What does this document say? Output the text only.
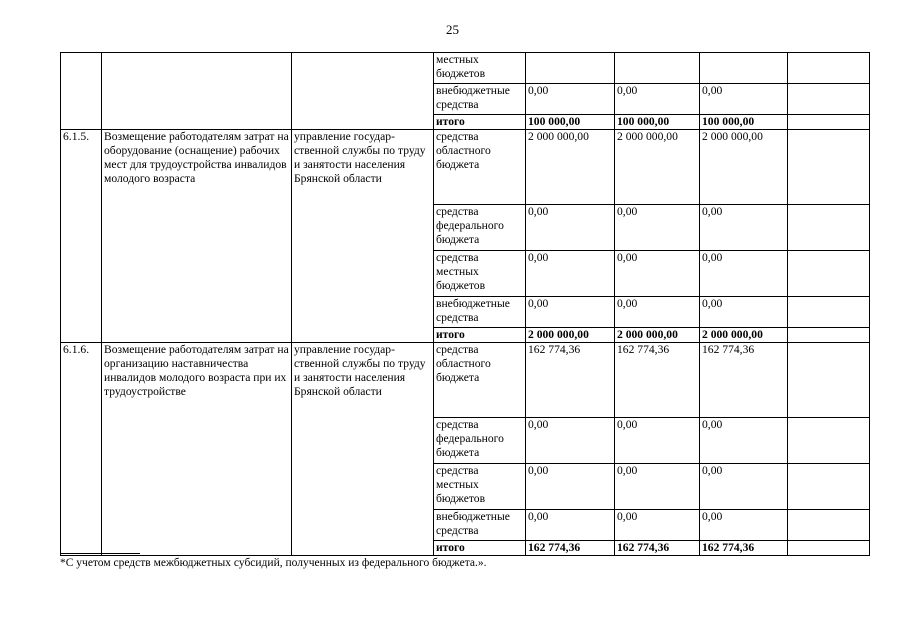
25
			местных бюджетов				
			внебюджетные средства	0,00	0,00	0,00	
			итого	100 000,00	100 000,00	100 000,00	
6.1.5.	Возмещение работодателям затрат на оборудование (оснащение) рабочих мест для трудоустройства инвалидов молодого возраста	управление государ-ственной службы по труду и занятости населения Брянской области	средства областного бюджета	2 000 000,00	2 000 000,00	2 000 000,00	
			средства федерального бюджета	0,00	0,00	0,00	
			средства местных бюджетов	0,00	0,00	0,00	
			внебюджетные средства	0,00	0,00	0,00	
			итого	2 000 000,00	2 000 000,00	2 000 000,00	
6.1.6.	Возмещение работодателям затрат на организацию наставничества инвалидов молодого возраста при их трудоустройстве	управление государ-ственной службы по труду и занятости населения Брянской области	средства областного бюджета	162 774,36	162 774,36	162 774,36	
			средства федерального бюджета	0,00	0,00	0,00	
			средства местных бюджетов	0,00	0,00	0,00	
			внебюджетные средства	0,00	0,00	0,00	
			итого	162 774,36	162 774,36	162 774,36	
*С учетом средств межбюджетных субсидий, полученных из федерального бюджета.».
